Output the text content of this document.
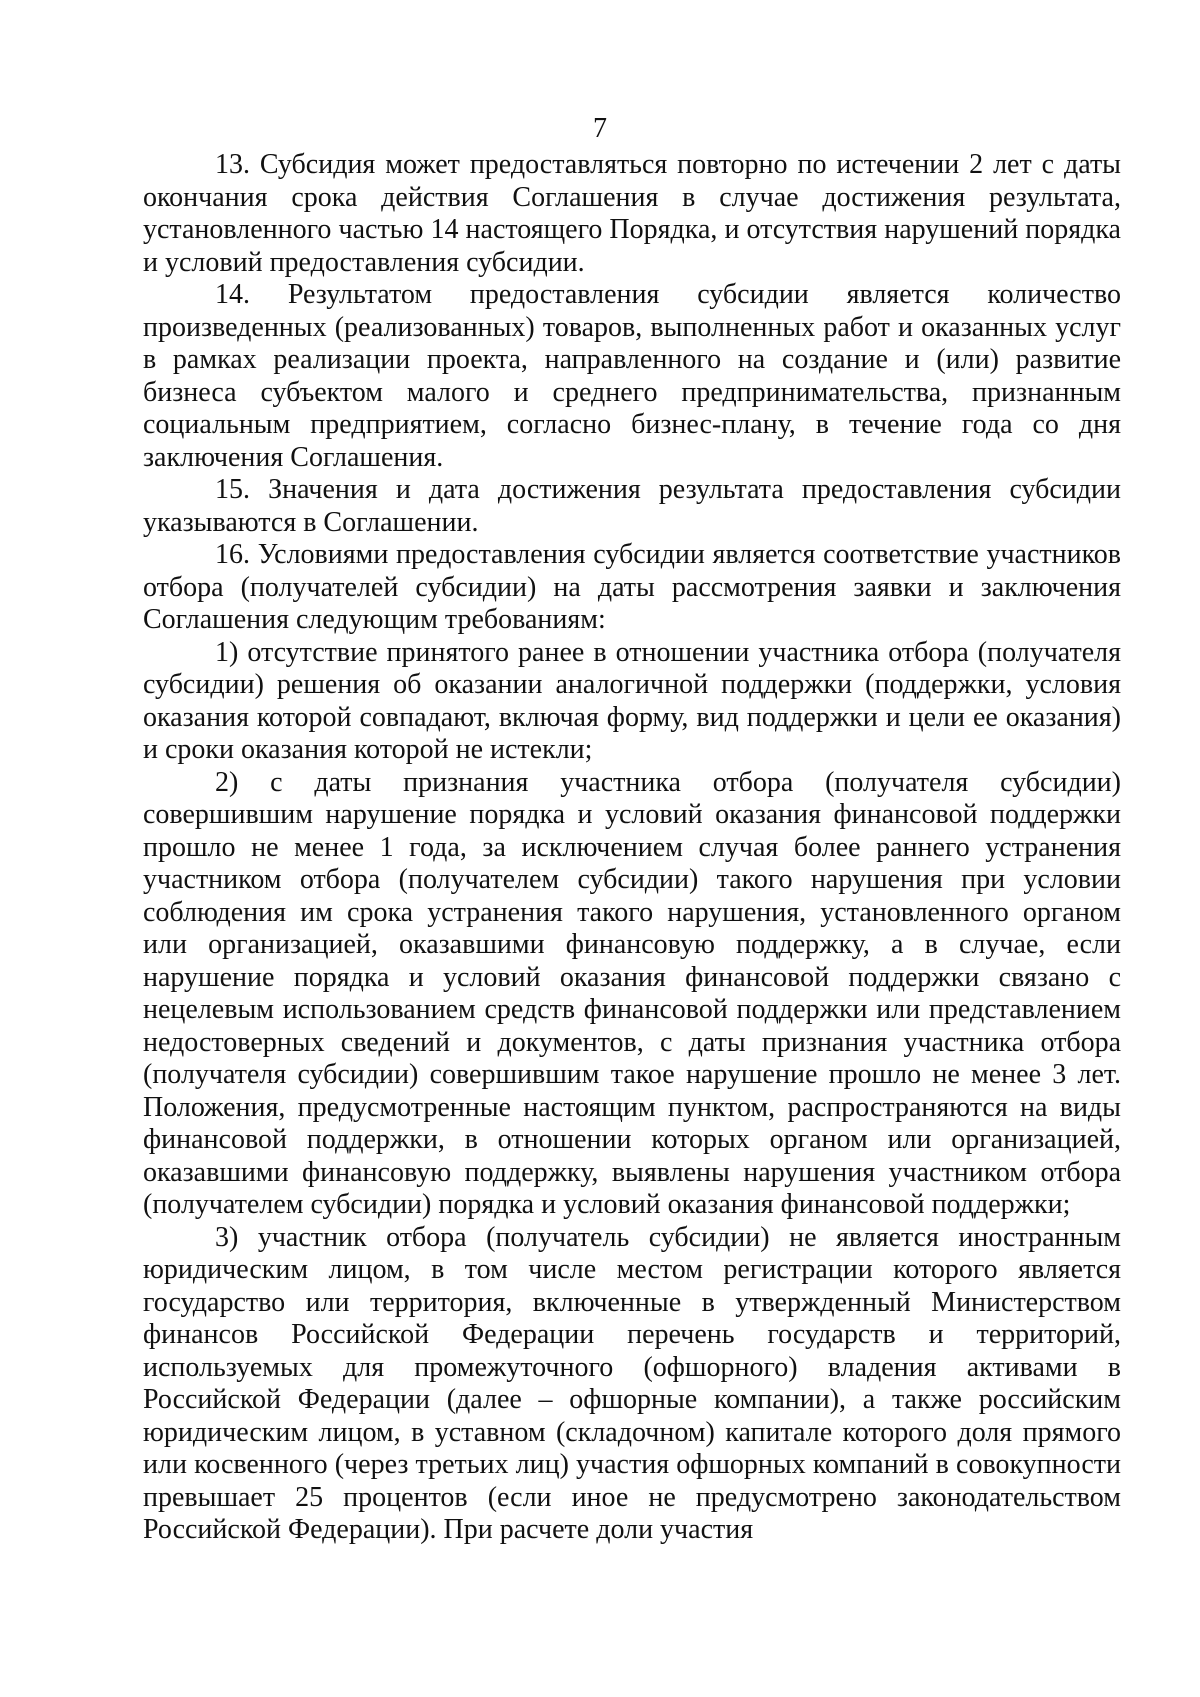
7

13. Субсидия может предоставляться повторно по истечении 2 лет с даты окончания срока действия Соглашения в случае достижения результата, установленного частью 14 настоящего Порядка, и отсутствия нарушений порядка и условий предоставления субсидии.

14. Результатом предоставления субсидии является количество произведенных (реализованных) товаров, выполненных работ и оказанных услуг в рамках реализации проекта, направленного на создание и (или) развитие бизнеса субъектом малого и среднего предпринимательства, признанным социальным предприятием, согласно бизнес-плану, в течение года со дня заключения Соглашения.

15. Значения и дата достижения результата предоставления субсидии указываются в Соглашении.

16. Условиями предоставления субсидии является соответствие участников отбора (получателей субсидии) на даты рассмотрения заявки и заключения Соглашения следующим требованиям:

1) отсутствие принятого ранее в отношении участника отбора (получателя субсидии) решения об оказании аналогичной поддержки (поддержки, условия оказания которой совпадают, включая форму, вид поддержки и цели ее оказания) и сроки оказания которой не истекли;

2) с даты признания участника отбора (получателя субсидии) совершившим нарушение порядка и условий оказания финансовой поддержки прошло не менее 1 года, за исключением случая более раннего устранения участником отбора (получателем субсидии) такого нарушения при условии соблюдения им срока устранения такого нарушения, установленного органом или организацией, оказавшими финансовую поддержку, а в случае, если нарушение порядка и условий оказания финансовой поддержки связано с нецелевым использованием средств финансовой поддержки или представлением недостоверных сведений и документов, с даты признания участника отбора (получателя субсидии) совершившим такое нарушение прошло не менее 3 лет. Положения, предусмотренные настоящим пунктом, распространяются на виды финансовой поддержки, в отношении которых органом или организацией, оказавшими финансовую поддержку, выявлены нарушения участником отбора (получателем субсидии) порядка и условий оказания финансовой поддержки;

3) участник отбора (получатель субсидии) не является иностранным юридическим лицом, в том числе местом регистрации которого является государство или территория, включенные в утвержденный Министерством финансов Российской Федерации перечень государств и территорий, используемых для промежуточного (офшорного) владения активами в Российской Федерации (далее – офшорные компании), а также российским юридическим лицом, в уставном (складочном) капитале которого доля прямого или косвенного (через третьих лиц) участия офшорных компаний в совокупности превышает 25 процентов (если иное не предусмотрено законодательством Российской Федерации). При расчете доли участия
